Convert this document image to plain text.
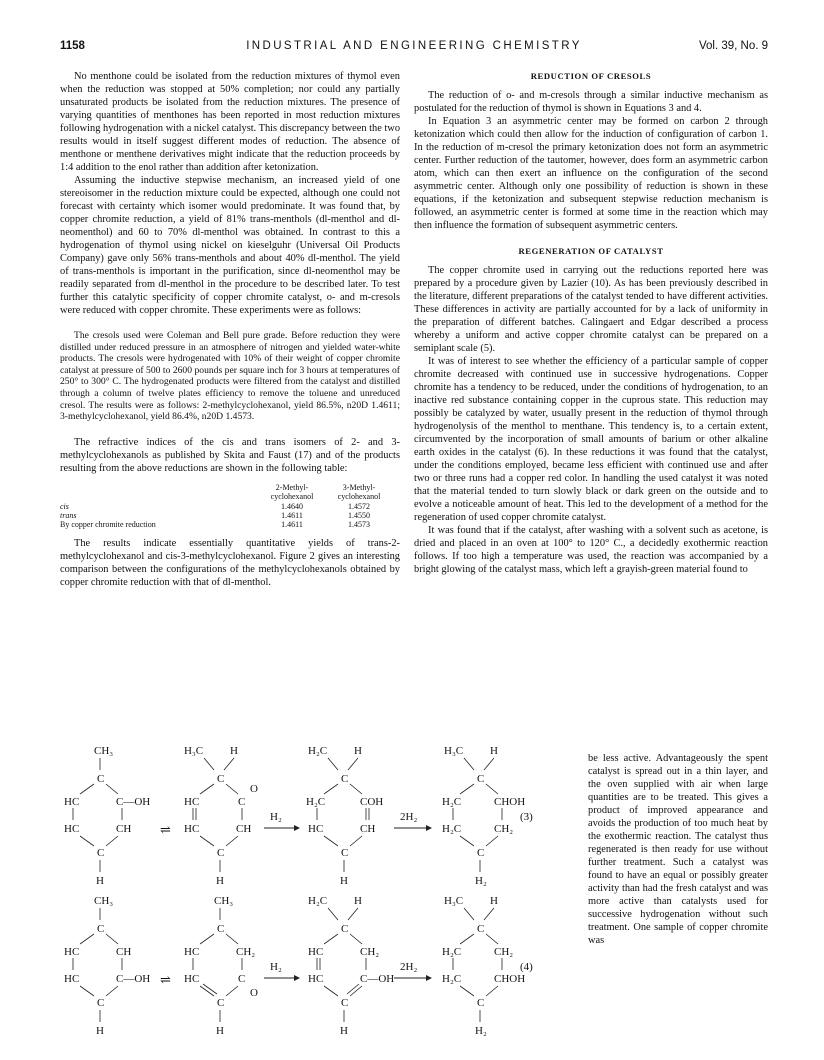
1158	INDUSTRIAL AND ENGINEERING CHEMISTRY	Vol. 39, No. 9

No menthone could be isolated from the reduction mixtures of thymol even when the reduction was stopped at 50% completion; nor could any partially unsaturated products be isolated from the reduction mixtures. The presence of varying quantities of menthones has been reported in most reduction mixtures following hydrogenation with a nickel catalyst. This discrepancy between the two results would in itself suggest different modes of reduction. The absence of menthone or menthene derivatives might indicate that the reduction proceeds by 1:4 addition to the enol rather than addition after ketonization.

Assuming the inductive stepwise mechanism, an increased yield of one stereoisomer in the reduction mixture could be expected, although one could not forecast with certainty which isomer would predominate. It was found that, by copper chromite reduction, a yield of 81% trans-menthols (dl-menthol and dl-neomenthol) and 60 to 70% dl-menthol was obtained. In contrast to this a hydrogenation of thymol using nickel on kieselguhr (Universal Oil Products Company) gave only 56% trans-menthols and about 40% dl-menthol. The yield of trans-menthols is important in the purification, since dl-neomenthol may be readily separated from dl-menthol in the procedure to be described later. To test further this catalytic specificity of copper chromite catalyst, o- and m-cresols were reduced with copper chromite. These experiments were as follows:

The cresols used were Coleman and Bell pure grade. Before reduction they were distilled under reduced pressure in an atmosphere of nitrogen and yielded water-white products. The cresols were hydrogenated with 10% of their weight of copper chromite catalyst at pressure of 500 to 2600 pounds per square inch for 3 hours at temperatures of 250° to 300° C. The hydrogenated products were filtered from the catalyst and distilled through a column of twelve plates efficiency to remove the toluene and unreduced cresol. The results were as follows: 2-methylcyclohexanol, yield 86.5%, n20D 1.4611; 3-methylcyclohexanol, yield 86.4%, n20D 1.4573.

The refractive indices of the cis and trans isomers of 2- and 3-methylcyclohexanols as published by Skita and Faust (17) and of the products resulting from the above reductions are shown in the following table:

	2-Methyl-cyclohexanol	3-Methyl-cyclohexanol
cis	1.4640	1.4572
trans	1.4611	1.4550
By copper chromite reduction	1.4611	1.4573

The results indicate essentially quantitative yields of trans-2-methylcyclohexanol and cis-3-methylcyclohexanol. Figure 2 gives an interesting comparison between the configurations of the methylcyclohexanols obtained by copper chromite reduction with that of dl-menthol.

REDUCTION OF CRESOLS

The reduction of o- and m-cresols through a similar inductive mechanism as postulated for the reduction of thymol is shown in Equations 3 and 4.

In Equation 3 an asymmetric center may be formed on carbon 2 through ketonization which could then allow for the induction of configuration of carbon 1. In the reduction of m-cresol the primary ketonization does not form an asymmetric center. Further reduction of the tautomer, however, does form an asymmetric carbon atom, which can then exert an influence on the configuration of the second asymmetric center. Although only one possibility of reduction is shown in these equations, if the ketonization and subsequent stepwise reduction mechanism is followed, an asymmetric center is formed at some time in the reaction which may then influence the formation of subsequent asymmetric centers.

REGENERATION OF CATALYST

The copper chromite used in carrying out the reductions reported here was prepared by a procedure given by Lazier (10). As has been previously described in the literature, different preparations of the catalyst tended to have different activities. These differences in activity are partially accounted for by a lack of uniformity in the preparation of different batches. Calingaert and Edgar described a process whereby a uniform and active copper chromite catalyst can be prepared on a semiplant scale (5).

It was of interest to see whether the efficiency of a particular sample of copper chromite decreased with continued use in successive hydrogenations. Copper chromite has a tendency to be reduced, under the conditions of hydrogenation, to an inactive red substance containing copper in the cuprous state. This reduction may possibly be catalyzed by water, usually present in the reduction of thymol through hydrogenolysis of the menthol to menthane. This tendency is, to a certain extent, circumvented by the incorporation of small amounts of barium or other alkaline earth oxides in the catalyst (6). In these reductions it was found that the catalyst, under the conditions employed, became less efficient with continued use and after two or three runs had a copper red color. In handling the used catalyst it was noted that the material tended to turn slowly black or dark green on the outside and to evolve a noticeable amount of heat. This led to the development of a method for the regeneration of used copper chromite catalyst.

It was found that if the catalyst, after washing with a solvent such as acetone, is dried and placed in an oven at 100° to 120° C., a decidedly exothermic reaction follows. If too high a temperature was used, the reaction was accompanied by a bright glowing of the catalyst mass, which left a grayish-green material found to

be less active. Advantageously the spent catalyst is spread out in a thin layer, and the oven supplied with air when large quantities are to be treated. This gives a product of improved appearance and avoids the production of too much heat by the exothermic reaction. The catalyst thus regenerated is then ready for use without further treatment. Such a catalyst was found to have an equal or possibly greater activity than had the fresh catalyst and was more active than catalysts used for successive hydrogenation without such treatment. One sample of copper chromite was
CH₃
C
HC	C—OH
HC	CH
C
H
⇌
H₃C H
C
HC	C
O
HC	CH
C
H
H₂
H₂C H
C
H₂C	COH
HC	CH
C
H
2H₂
H₃C H
C
H₂C	CHOH
H₂C	CH₂
C
H₂
(3)
CH₃
C
HC	CH
HC	C—OH
C
H
⇌
CH₃
C
HC	CH₂
HC	C
O
C
H
H₂
H₂C H
C
HC	CH₂
HC	C—OH
C
H
2H₂
H₃C H
C
H₂C	CH₂
H₂C	CHOH
C
H₂
(4)
